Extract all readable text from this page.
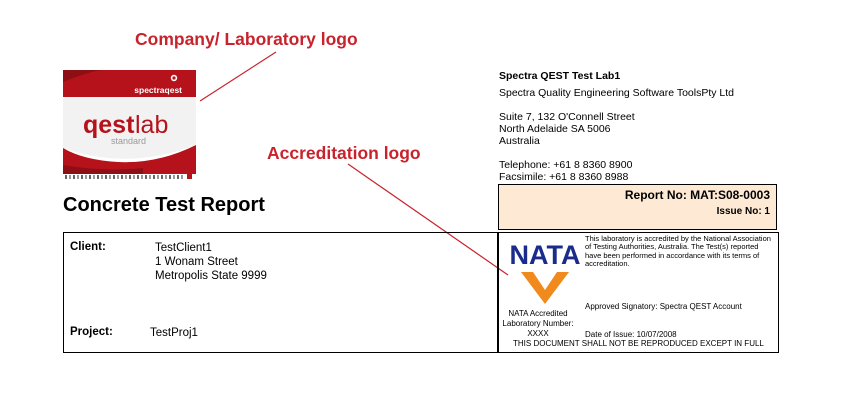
Company/ Laboratory logo
Accreditation logo
spectraqest
qest lab
standard
Spectra QEST Test Lab1
Spectra Quality Engineering Software ToolsPty Ltd
Suite 7, 132 O'Connell Street
North Adelaide SA 5006
Australia
Telephone: +61 8 8360 8900
Facsimile: +61 8 8360 8988
Concrete Test Report	Report No: MAT:S08-0003
Issue No: 1
Client:	TestClient1
1 Wonam Street
Metropolis State 9999
Project:	TestProj1
NATA
This laboratory is accredited by the National Association of Testing Authorities, Australia. The Test(s) reported have been performed in accordance with its terms of accreditation.
NATA Accredited
Laboratory Number:
XXXX
Approved Signatory: Spectra QEST Account
Date of Issue: 10/07/2008
THIS DOCUMENT SHALL NOT BE REPRODUCED EXCEPT IN FULL
